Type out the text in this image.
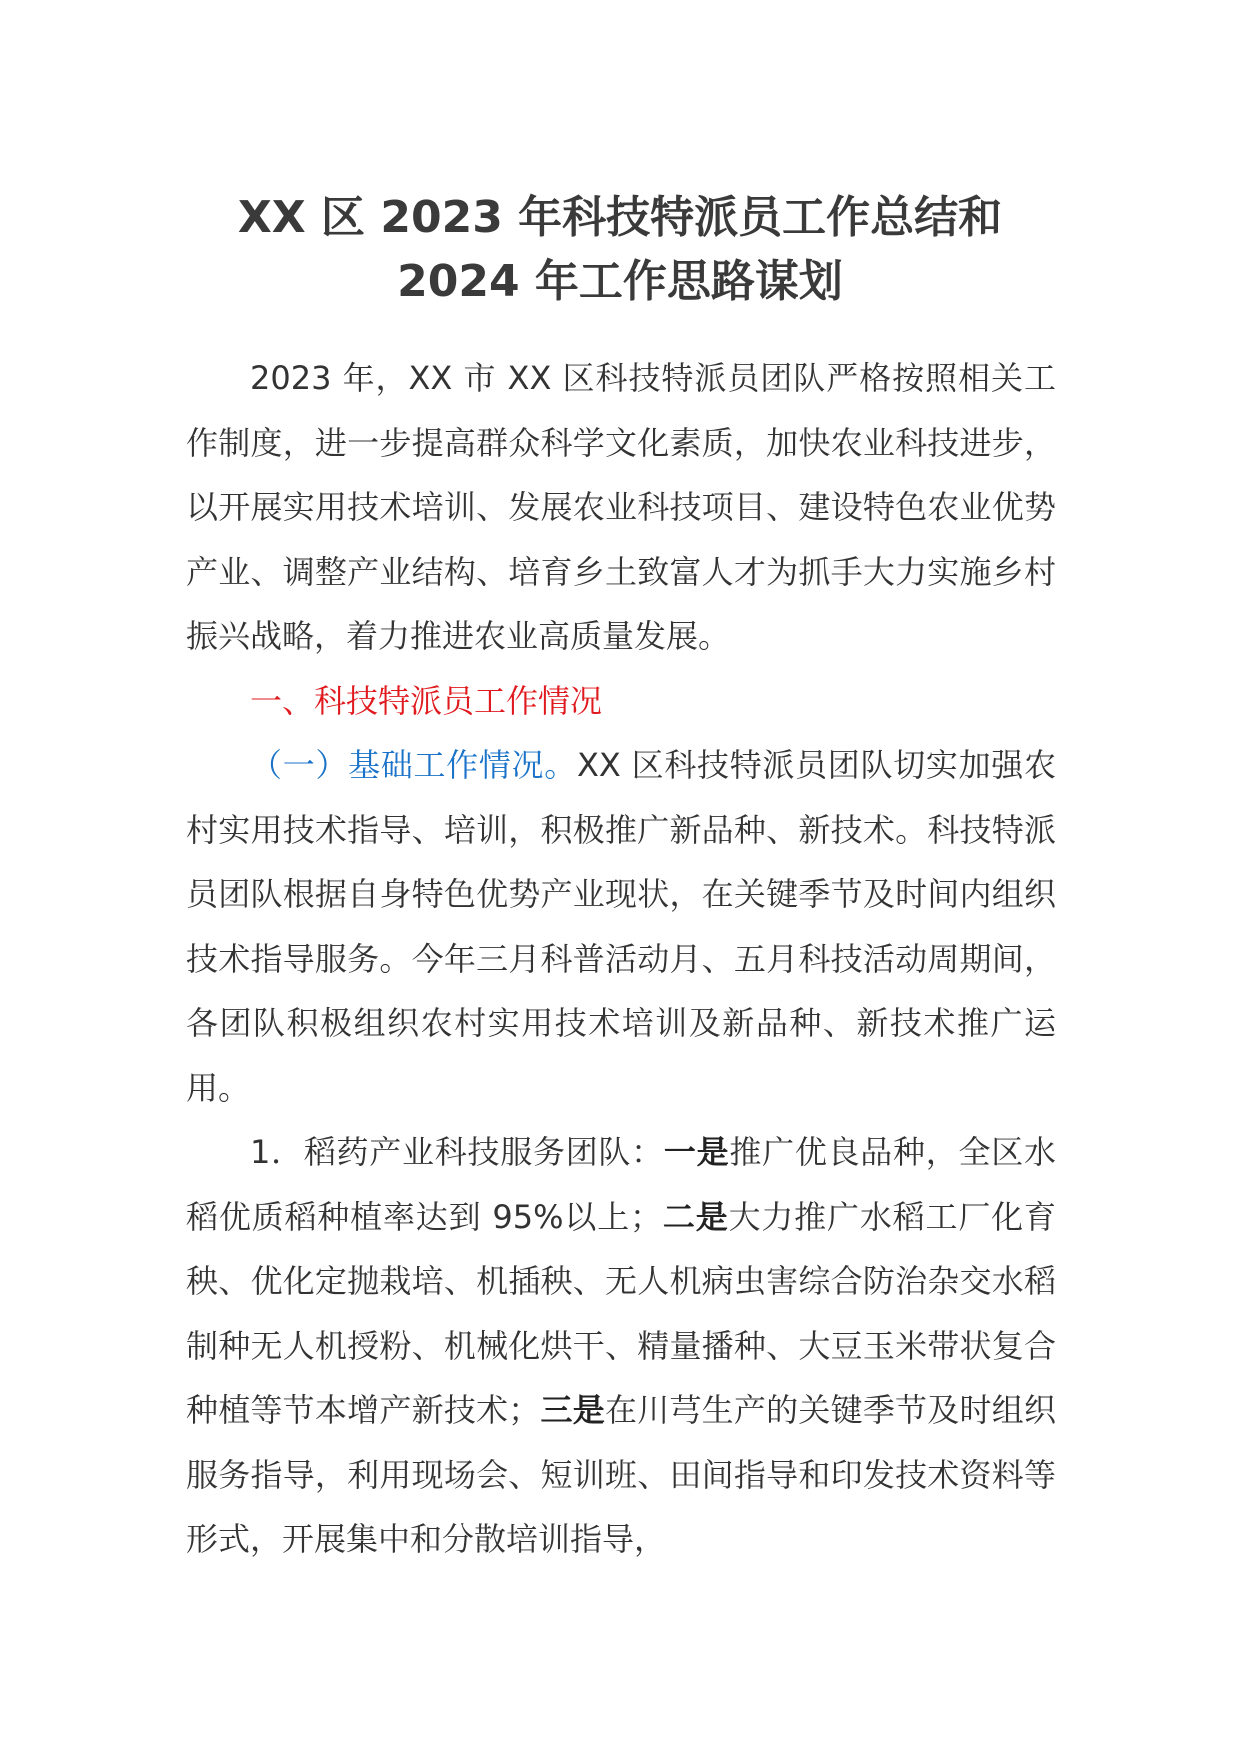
XX 区 2023 年科技特派员工作总结和
2024 年工作思路谋划

2023 年，XX 市 XX 区科技特派员团队严格按照相关工作制度，进一步提高群众科学文化素质，加快农业科技进步，以开展实用技术培训、发展农业科技项目、建设特色农业优势产业、调整产业结构、培育乡土致富人才为抓手大力实施乡村振兴战略，着力推进农业高质量发展。

一、科技特派员工作情况

（一）基础工作情况。XX 区科技特派员团队切实加强农村实用技术指导、培训，积极推广新品种、新技术。科技特派员团队根据自身特色优势产业现状，在关键季节及时间内组织技术指导服务。今年三月科普活动月、五月科技活动周期间，各团队积极组织农村实用技术培训及新品种、新技术推广运用。

1．稻药产业科技服务团队：一是推广优良品种，全区水稻优质稻种植率达到 95%以上；二是大力推广水稻工厂化育秧、优化定抛栽培、机插秧、无人机病虫害综合防治杂交水稻制种无人机授粉、机械化烘干、精量播种、大豆玉米带状复合种植等节本增产新技术；三是在川芎生产的关键季节及时组织服务指导，利用现场会、短训班、田间指导和印发技术资料等形式，开展集中和分散培训指导，
